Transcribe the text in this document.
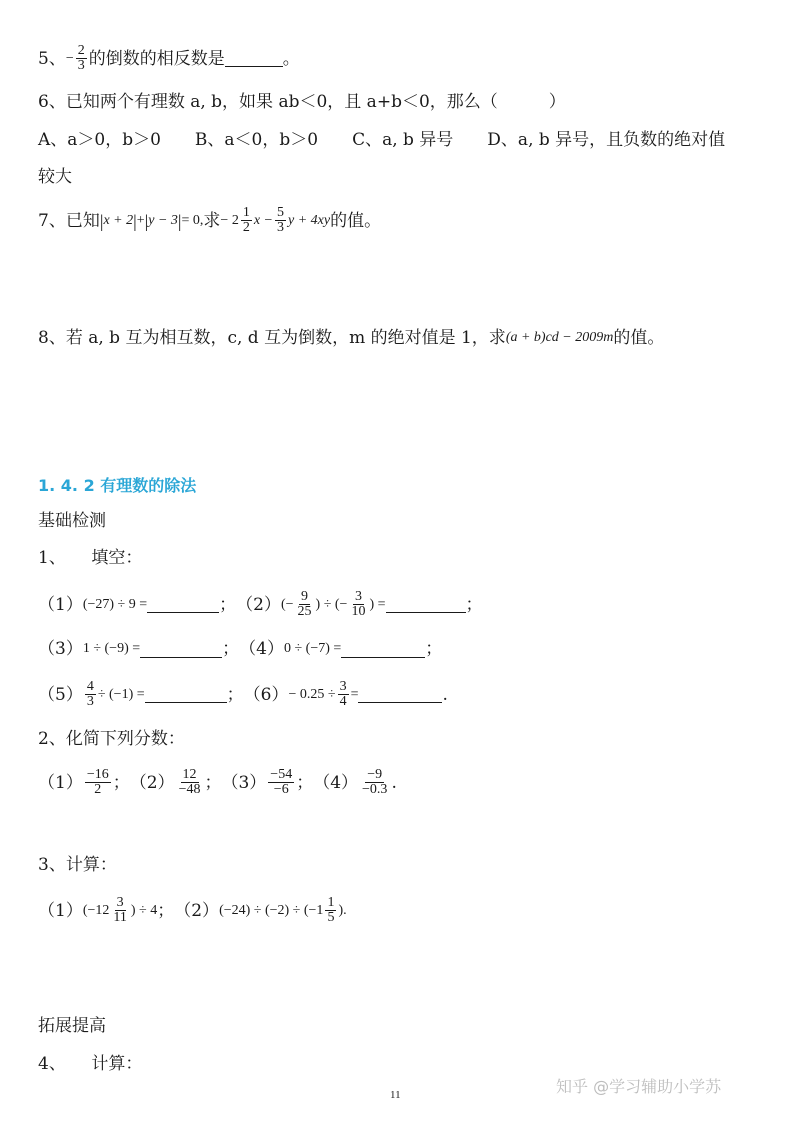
5、 − $\frac{2}{3}$ 的倒数的相反数是	。
6、已知两个有理数 a, b，如果 ab＜0，且 a+b＜0，那么（　　　）
A、a＞0，b＞0　　B、a＜0，b＞0　　C、a, b 异号　　D、a, b 异号，且负数的绝对值
较大
7、已知 | x + 2 | + | y − 3 | = 0, 求 − $2 \frac{1}{2}$ $x - \frac{5}{3}$ y + 4xy 的值。
8、若 a, b 互为相互数，c, d 互为倒数，m 的绝对值是 1，求 (a + b)cd − 2009m 的值。
1. 4. 2 有理数的除法
基础检测
1、　　填空：
（1） (−27) ÷ 9 =	； （2） (− $\frac{9}{25}$ ) ÷ (− $\frac{3}{10}$ ) =	；
（3） 1 ÷ (−9) =	； （4） 0 ÷ (−7) =	；
$(5) \frac{4}{3} \div (-1)$ =	； $(6) - 0.25 \div \frac{3}{4}$ =	.
2、化简下列分数：
$(1) \frac{-16}{2}$ ； $(2) \frac{12}{-48}$ ； $(3) \frac{-54}{-6}$ ； $(4) \frac{-9}{-0.3}$ .
3、计算：
（1） ($-12 \frac{3}{11}$ ) ÷ 4 ； （2） $(-24) \div (-2) \div (-1 \frac{1}{5}$ ).
拓展提高
4、　　计算：
11	知乎 @学习辅助小学苏
